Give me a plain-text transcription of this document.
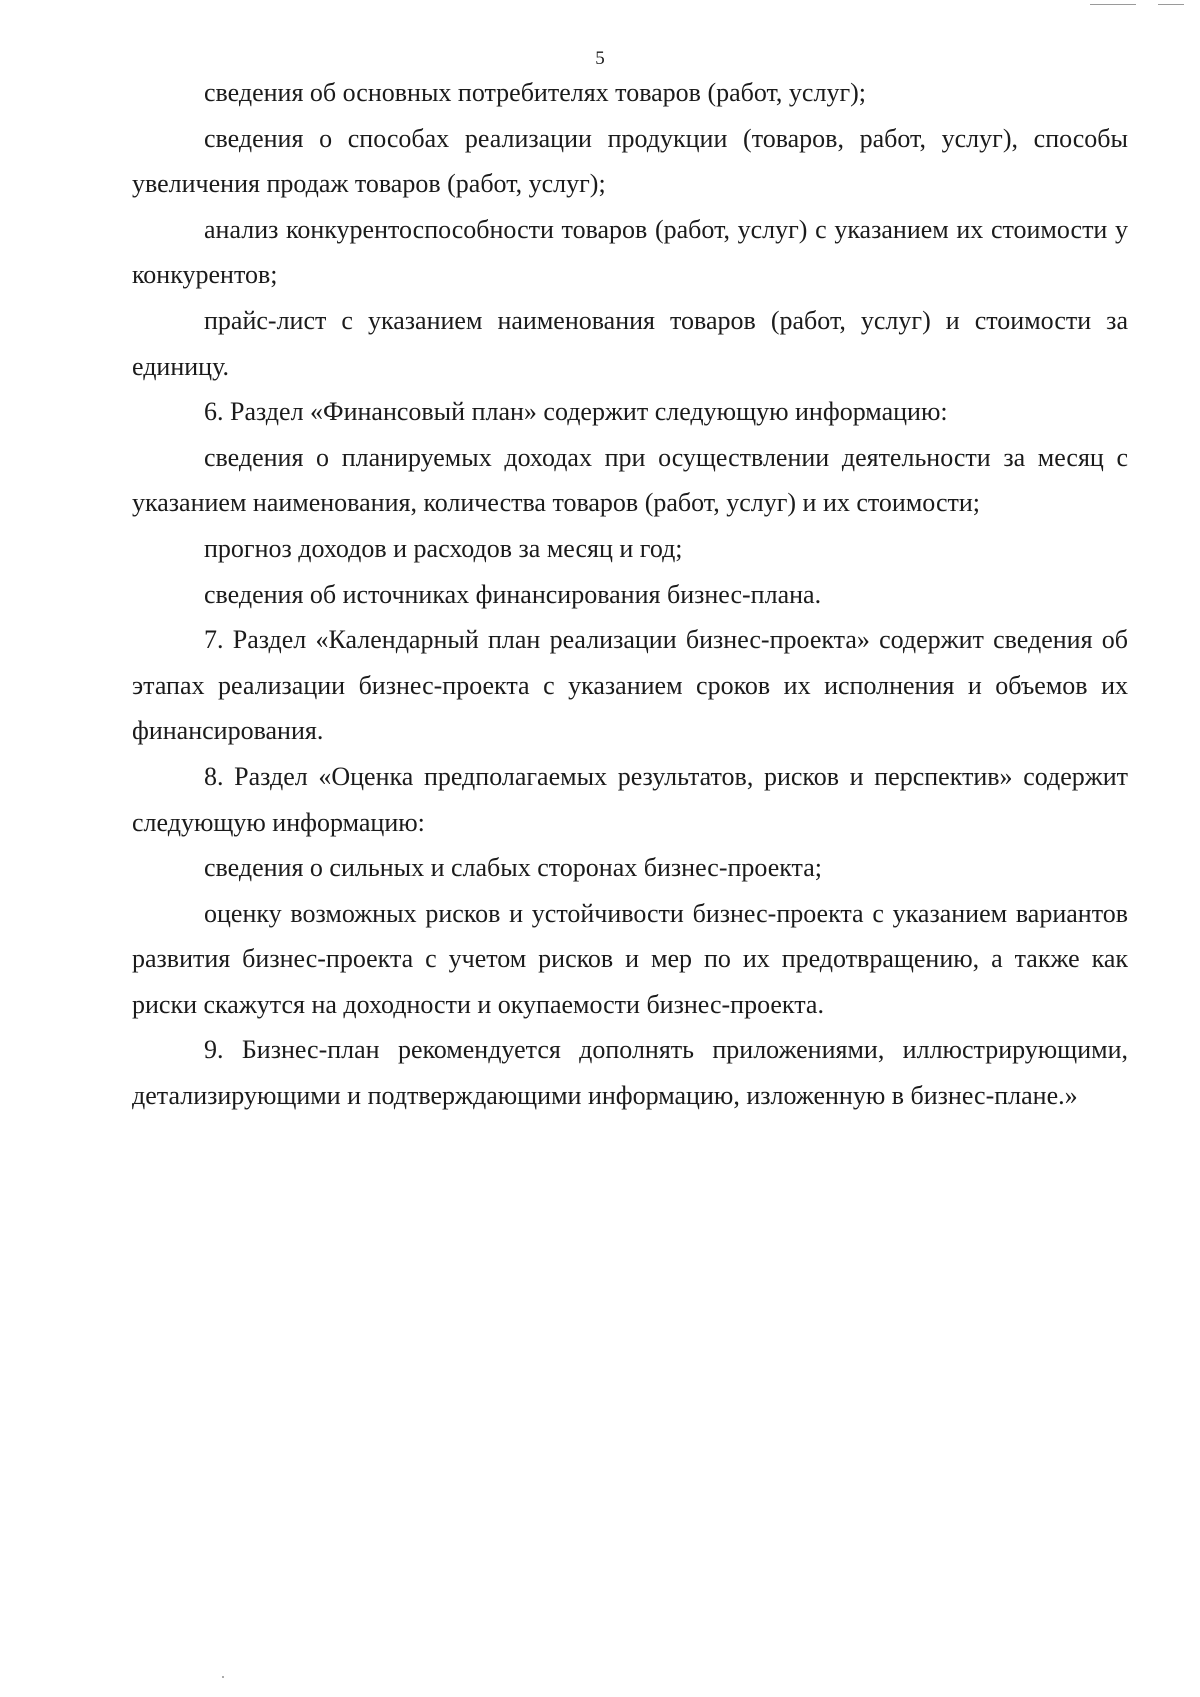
5

сведения об основных потребителях товаров (работ, услуг);

сведения о способах реализации продукции (товаров, работ, услуг), способы увеличения продаж товаров (работ, услуг);

анализ конкурентоспособности товаров (работ, услуг) с указанием их стоимости у конкурентов;

прайс-лист с указанием наименования товаров (работ, услуг) и стоимости за единицу.

6. Раздел «Финансовый план» содержит следующую информацию:

сведения о планируемых доходах при осуществлении деятельности за месяц с указанием наименования, количества товаров (работ, услуг) и их стоимости;

прогноз доходов и расходов за месяц и год;

сведения об источниках финансирования бизнес-плана.

7. Раздел «Календарный план реализации бизнес-проекта» содержит сведения об этапах реализации бизнес-проекта с указанием сроков их исполнения и объемов их финансирования.

8. Раздел «Оценка предполагаемых результатов, рисков и перспектив» содержит следующую информацию:

сведения о сильных и слабых сторонах бизнес-проекта;

оценку возможных рисков и устойчивости бизнес-проекта с указанием вариантов развития бизнес-проекта с учетом рисков и мер по их предотвращению, а также как риски скажутся на доходности и окупаемости бизнес-проекта.

9. Бизнес-план рекомендуется дополнять приложениями, иллюстрирующими, детализирующими и подтверждающими информацию, изложенную в бизнес-плане.»
